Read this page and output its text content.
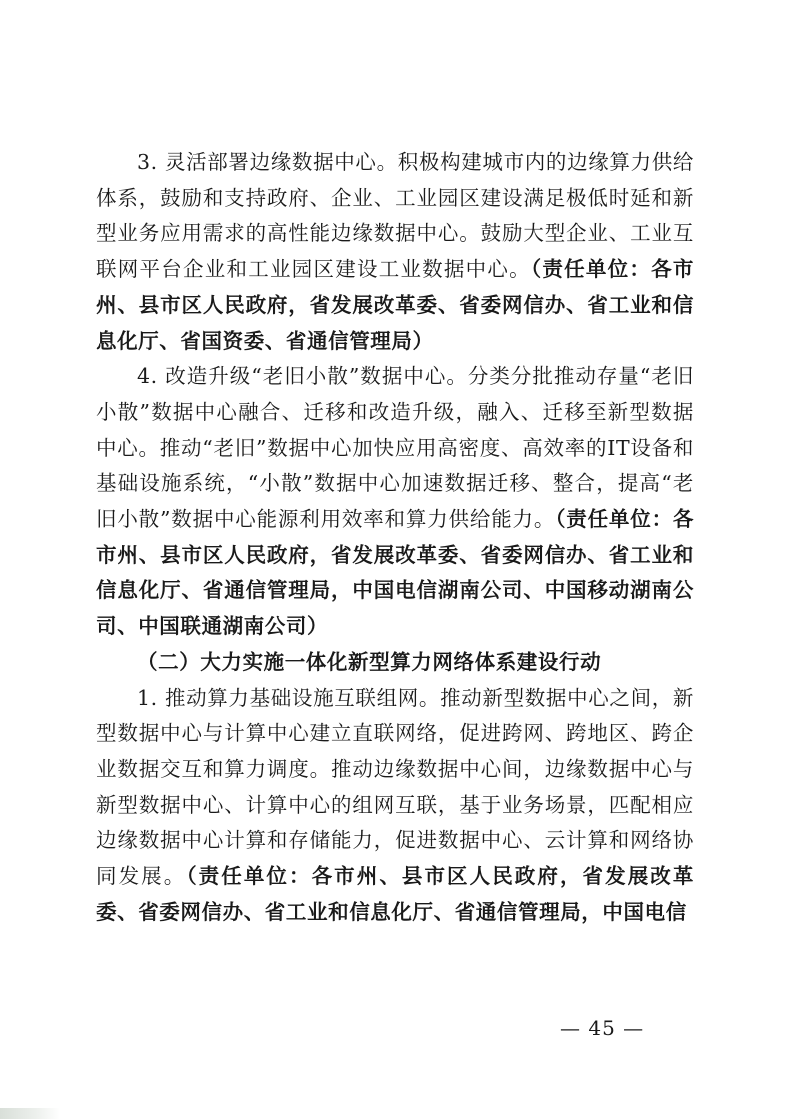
3. 灵活部署边缘数据中心。积极构建城市内的边缘算力供给体系，鼓励和支持政府、企业、工业园区建设满足极低时延和新型业务应用需求的高性能边缘数据中心。鼓励大型企业、工业互联网平台企业和工业园区建设工业数据中心。（责任单位：各市州、县市区人民政府，省发展改革委、省委网信办、省工业和信息化厅、省国资委、省通信管理局）

4. 改造升级“老旧小散”数据中心。分类分批推动存量“老旧小散”数据中心融合、迁移和改造升级，融入、迁移至新型数据中心。推动“老旧”数据中心加快应用高密度、高效率的IT设备和基础设施系统，“小散”数据中心加速数据迁移、整合，提高“老旧小散”数据中心能源利用效率和算力供给能力。（责任单位：各市州、县市区人民政府，省发展改革委、省委网信办、省工业和信息化厅、省通信管理局，中国电信湖南公司、中国移动湖南公司、中国联通湖南公司）

（二）大力实施一体化新型算力网络体系建设行动

1. 推动算力基础设施互联组网。推动新型数据中心之间，新型数据中心与计算中心建立直联网络，促进跨网、跨地区、跨企业数据交互和算力调度。推动边缘数据中心间，边缘数据中心与新型数据中心、计算中心的组网互联，基于业务场景，匹配相应边缘数据中心计算和存储能力，促进数据中心、云计算和网络协同发展。（责任单位：各市州、县市区人民政府，省发展改革委、省委网信办、省工业和信息化厅、省通信管理局，中国电信

— 45 —
